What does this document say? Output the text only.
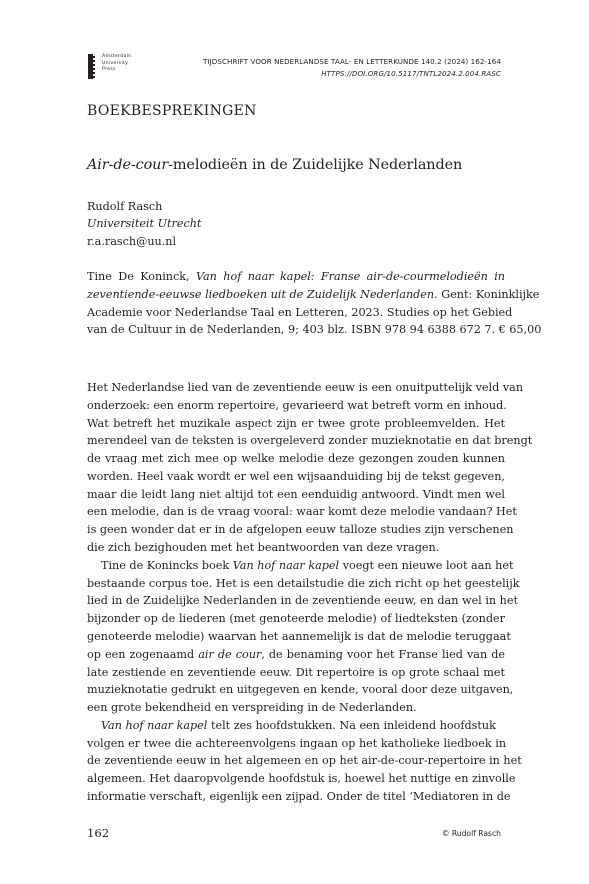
Amsterdam
University
Press
TIJDSCHRIFT VOOR NEDERLANDSE TAAL- EN LETTERKUNDE 140.2 (2024) 162-164
HTTPS://DOI.ORG/10.5117/TNTL2024.2.004.RASC
BOEKBESPREKINGEN
Air-de-cour-melodieën in de Zuidelijke Nederlanden
Rudolf Rasch
Universiteit Utrecht
r.a.rasch@uu.nl
Tine De Koninck, Van hof naar kapel: Franse air-de-courmelodieën in
zeventiende-eeuwse liedboeken uit de Zuidelijk Nederlanden. Gent: Koninklijke
Academie voor Nederlandse Taal en Letteren, 2023. Studies op het Gebied
van de Cultuur in de Nederlanden, 9; 403 blz. ISBN 978 94 6388 672 7. € 65,00
Het Nederlandse lied van de zeventiende eeuw is een onuitputtelijk veld van
onderzoek: een enorm repertoire, gevarieerd wat betreft vorm en inhoud.
Wat betreft het muzikale aspect zijn er twee grote probleemvelden. Het
merendeel van de teksten is overgeleverd zonder muzieknotatie en dat brengt
de vraag met zich mee op welke melodie deze gezongen zouden kunnen
worden. Heel vaak wordt er wel een wijsaanduiding bij de tekst gegeven,
maar die leidt lang niet altijd tot een eenduidig antwoord. Vindt men wel
een melodie, dan is de vraag vooral: waar komt deze melodie vandaan? Het
is geen wonder dat er in de afgelopen eeuw talloze studies zijn verschenen
die zich bezighouden met het beantwoorden van deze vragen.
Tine de Konincks boek Van hof naar kapel voegt een nieuwe loot aan het
bestaande corpus toe. Het is een detailstudie die zich richt op het geestelijk
lied in de Zuidelijke Nederlanden in de zeventiende eeuw, en dan wel in het
bijzonder op de liederen (met genoteerde melodie) of liedteksten (zonder
genoteerde melodie) waarvan het aannemelijk is dat de melodie teruggaat
op een zogenaamd air de cour, de benaming voor het Franse lied van de
late zestiende en zeventiende eeuw. Dit repertoire is op grote schaal met
muzieknotatie gedrukt en uitgegeven en kende, vooral door deze uitgaven,
een grote bekendheid en verspreiding in de Nederlanden.
Van hof naar kapel telt zes hoofdstukken. Na een inleidend hoofdstuk
volgen er twee die achtereenvolgens ingaan op het katholieke liedboek in
de zeventiende eeuw in het algemeen en op het air-de-cour-repertoire in het
algemeen. Het daaropvolgende hoofdstuk is, hoewel het nuttige en zinvolle
informatie verschaft, eigenlijk een zijpad. Onder de titel ‘Mediatoren in de
162	© Rudolf Rasch
